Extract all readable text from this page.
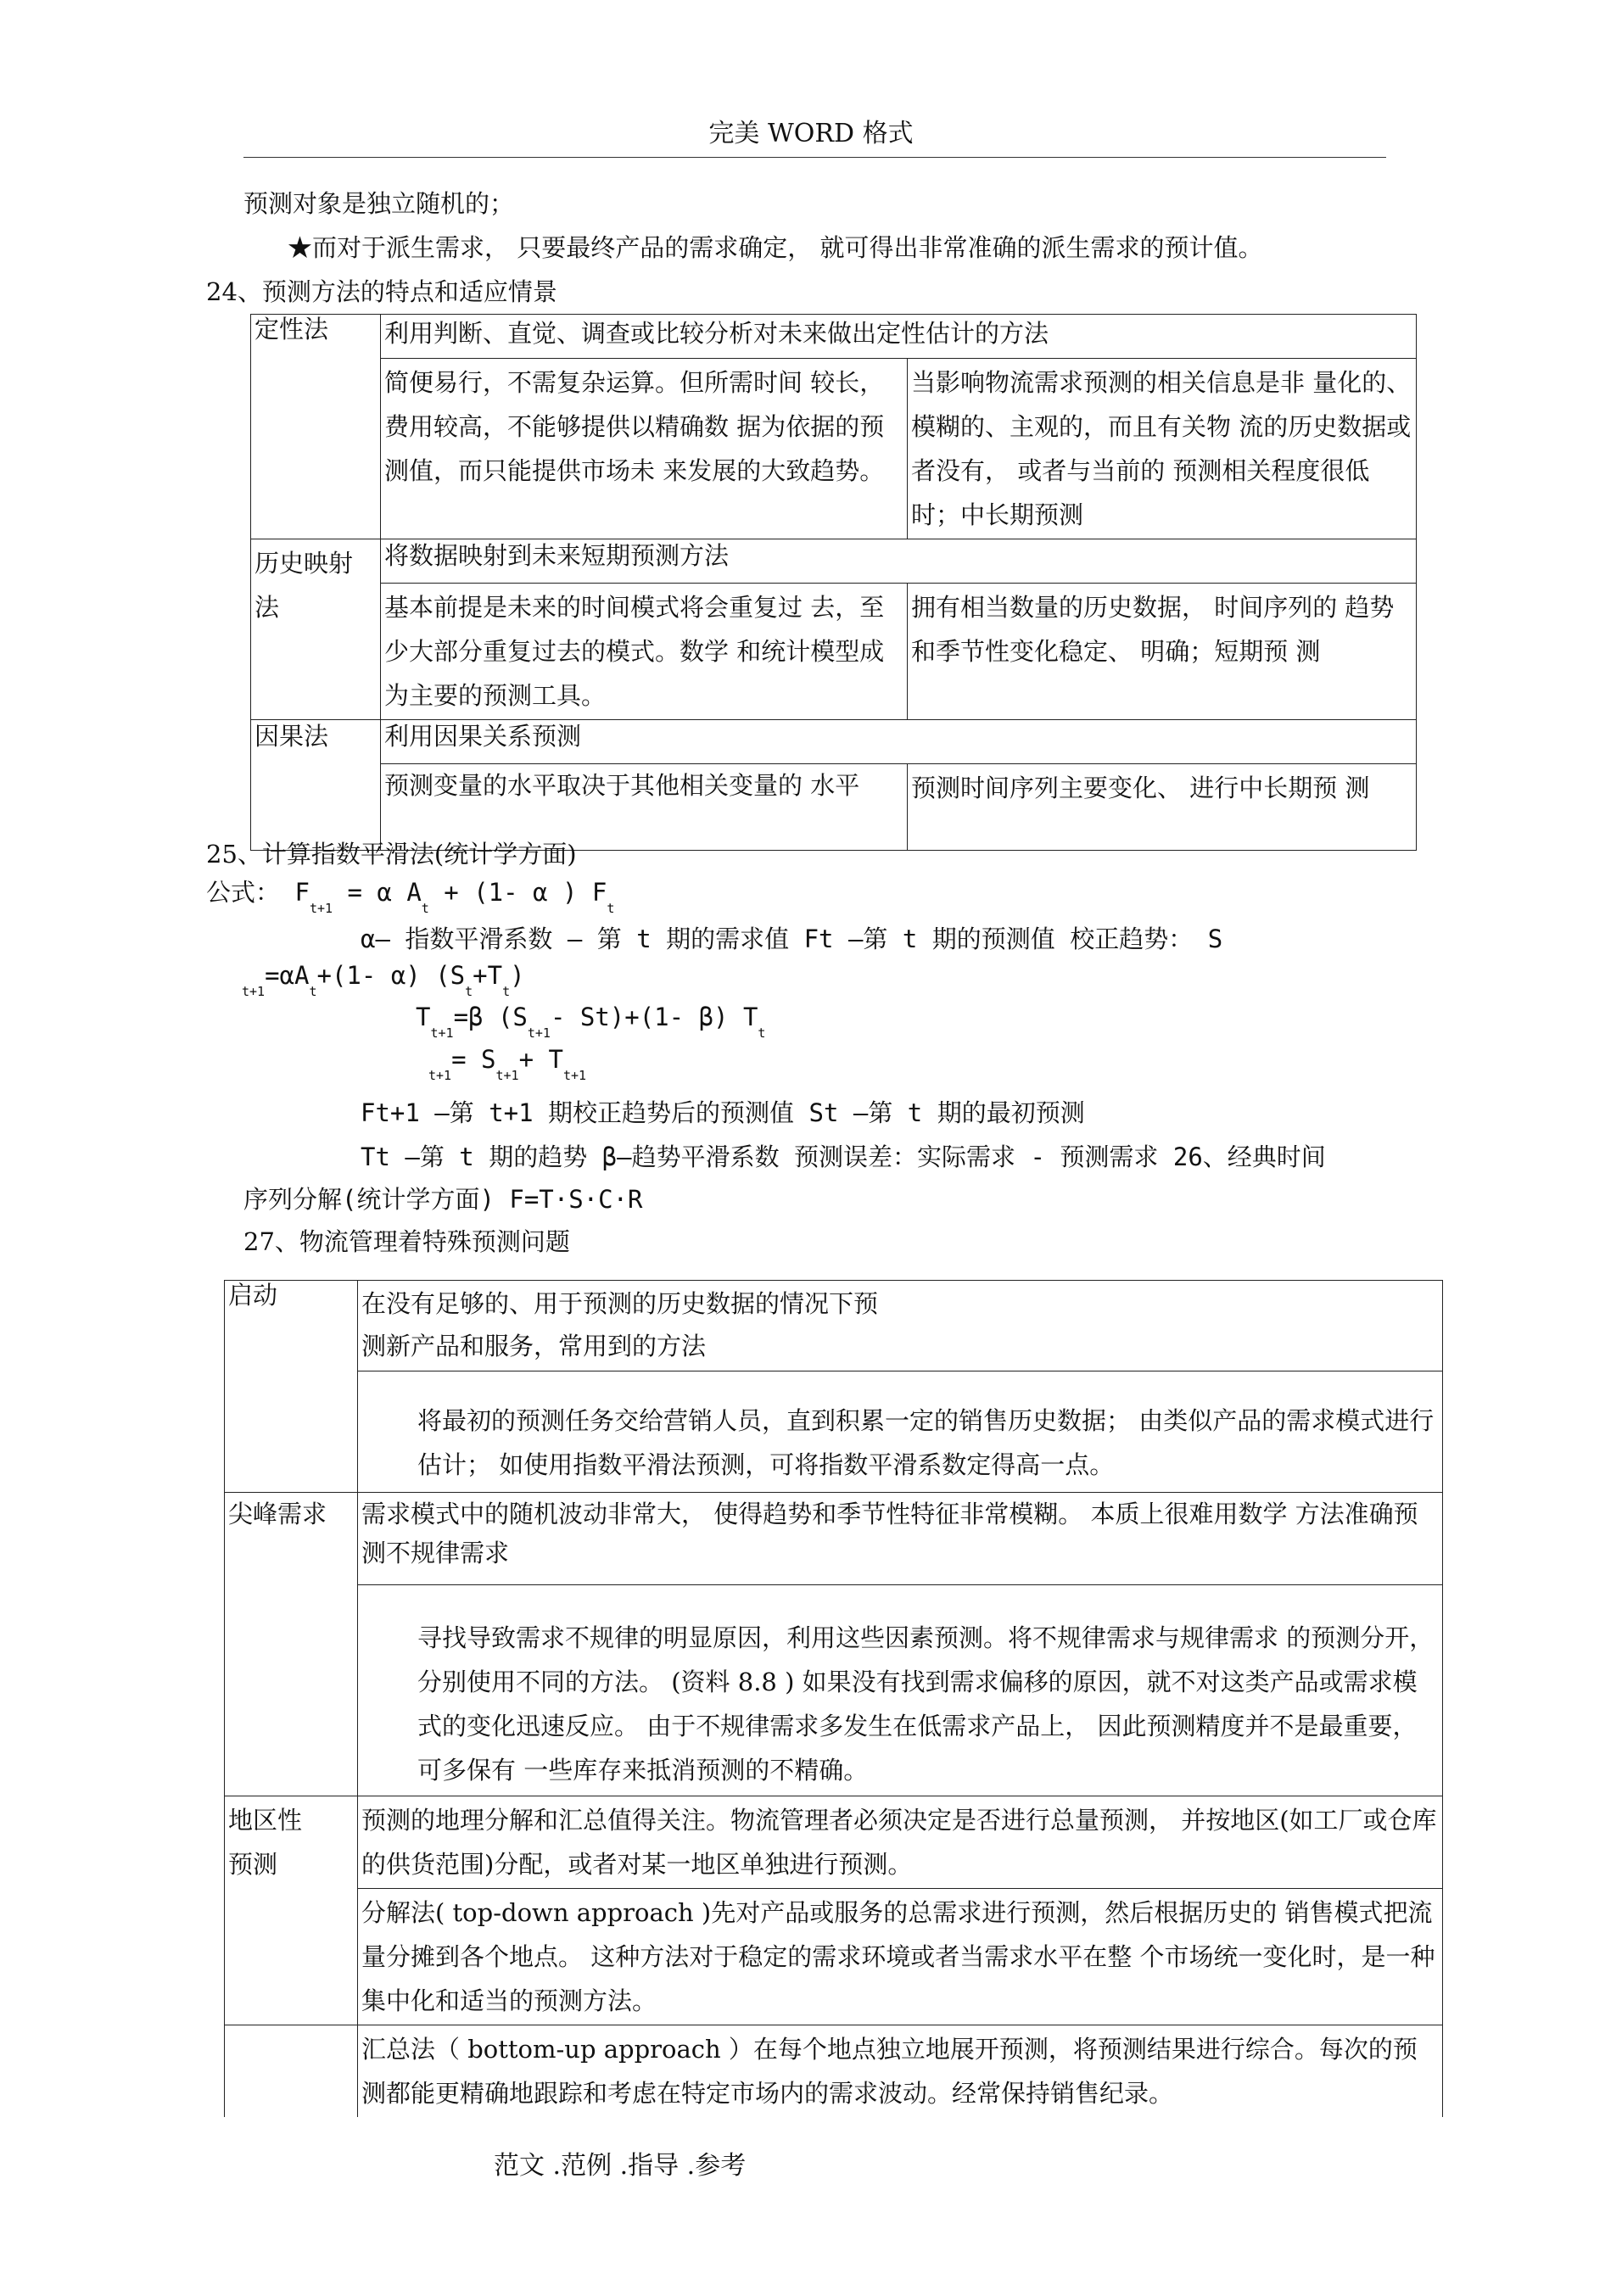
完美 WORD 格式
预测对象是独立随机的；
★而对于派生需求， 只要最终产品的需求确定， 就可得出非常准确的派生需求的预计值。
24、预测方法的特点和适应情景
定性法	利用判断、直觉、调查或比较分析对未来做出定性估计的方法	
	简便易行，不需复杂运算。但所需时间 较长，费用较高，不能够提供以精确数 据为依据的预测值，而只能提供市场未 来发展的大致趋势。	当影响物流需求预测的相关信息是非 量化的、模糊的、主观的，而且有关物 流的历史数据或者没有， 或者与当前的 预测相关程度很低时；中长期预测
历史映射法	将数据映射到未来短期预测方法	
	基本前提是未来的时间模式将会重复过 去，至少大部分重复过去的模式。数学 和统计模型成为主要的预测工具。	拥有相当数量的历史数据， 时间序列的 趋势和季节性变化稳定、 明确；短期预 测
因果法	利用因果关系预测	
	预测变量的水平取决于其他相关变量的 水平	预测时间序列主要变化、 进行中长期预 测
25、计算指数平滑法(统计学方面)
公式： $F_{t+1} = \alpha$ $A_t + (1-$ α ) $F_t$
α— 指数平滑系数 — 第 t 期的需求值 Ft —第 t 期的预测值 校正趋势： S
$_{t+1}=\alpha A_t+(1-$ α) $(S_t+T_t)$
$T_{t+1}=\beta$ ($S_{t+1}-$ St)+(1- β) $T_t$
$_{t+1}= S_{t+1}+ T_{t+1}$
Ft+1 —第 t+1 期校正趋势后的预测值 St —第 t 期的最初预测
Tt —第 t 期的趋势 β—趋势平滑系数 预测误差：实际需求 - 预测需求 26、经典时间
序列分解(统计学方面) F=T·S·C·R
27、物流管理着特殊预测问题
启动	在没有足够的、用于预测的历史数据的情况下预
测新产品和服务，常用到的方法
	将最初的预测任务交给营销人员，直到积累一定的销售历史数据； 由类似产品的需求模式进行估计； 如使用指数平滑法预测，可将指数平滑系数定得高一点。
尖峰需求	需求模式中的随机波动非常大， 使得趋势和季节性特征非常模糊。 本质上很难用数学 方法准确预测不规律需求
	寻找导致需求不规律的明显原因，利用这些因素预测。将不规律需求与规律需求 的预测分开，分别使用不同的方法。 (资料 8.8 ) 如果没有找到需求偏移的原因，就不对这类产品或需求模式的变化迅速反应。 由于不规律需求多发生在低需求产品上， 因此预测精度并不是最重要， 可多保有 一些库存来抵消预测的不精确。
地区性预测	预测的地理分解和汇总值得关注。物流管理者必须决定是否进行总量预测， 并按地区(如工厂或仓库的供货范围)分配，或者对某一地区单独进行预测。
	分解法( top-down approach )先对产品或服务的总需求进行预测，然后根据历史的 销售模式把流量分摊到各个地点。 这种方法对于稳定的需求环境或者当需求水平在整 个市场统一变化时，是一种集中化和适当的预测方法。
	汇总法（ bottom-up approach ）在每个地点独立地展开预测，将预测结果进行综合。每次的预测都能更精确地跟踪和考虑在特定市场内的需求波动。经常保持销售纪录。
范文 .范例 .指导 .参考
